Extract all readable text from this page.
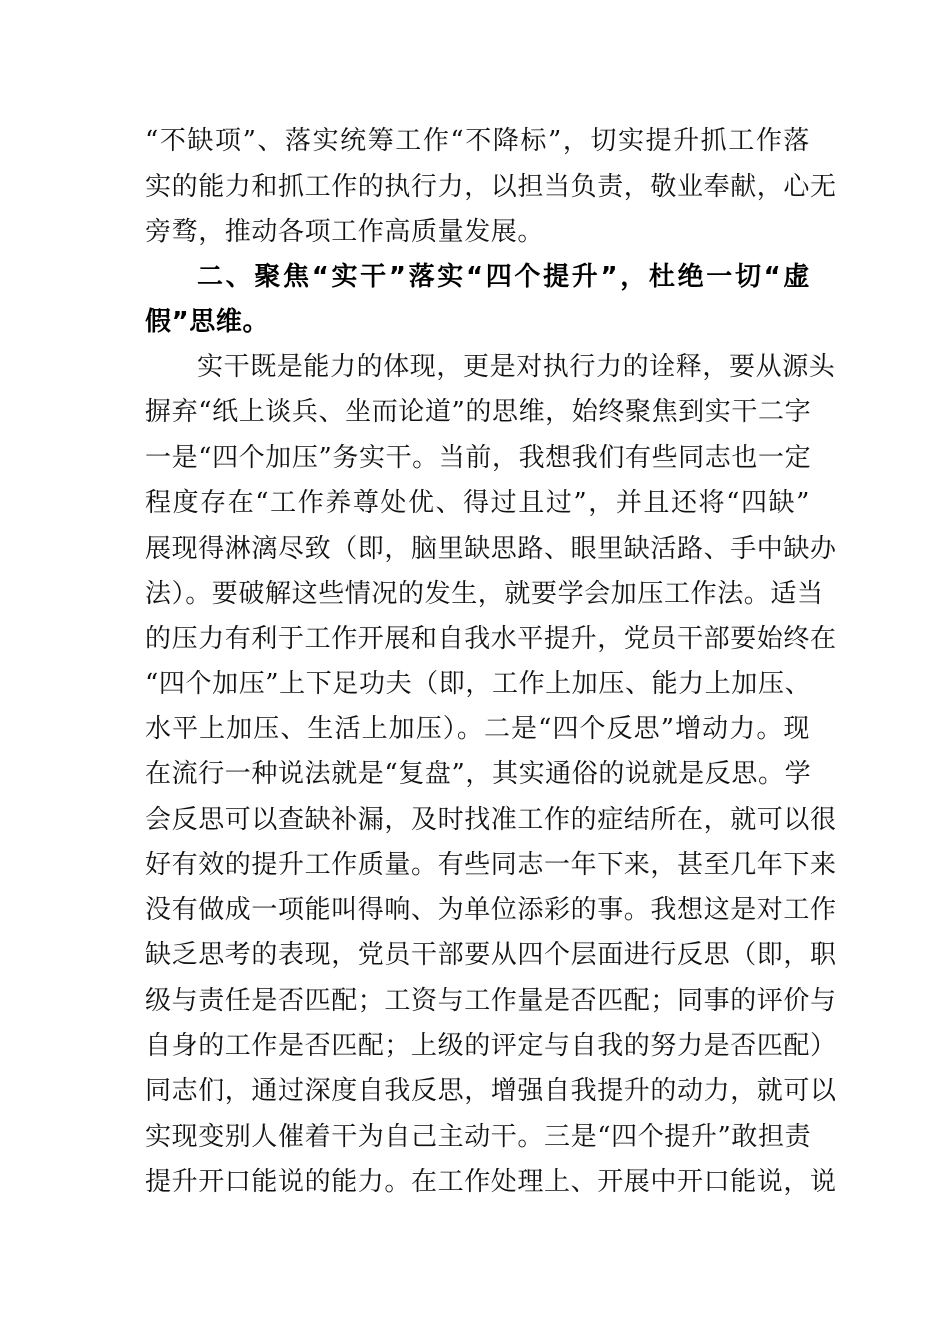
“不缺项”、落实统筹工作“不降标”，切实提升抓工作落
实的能力和抓工作的执行力，以担当负责，敬业奉献，心无
旁骛，推动各项工作高质量发展。
二、聚焦“实干”落实“四个提升”，杜绝一切“虚
假”思维。
实干既是能力的体现，更是对执行力的诠释，要从源头
摒弃“纸上谈兵、坐而论道”的思维，始终聚焦到实干二字
一是“四个加压”务实干。当前，我想我们有些同志也一定
程度存在“工作养尊处优、得过且过”，并且还将“四缺”
展现得淋漓尽致（即，脑里缺思路、眼里缺活路、手中缺办
法）。要破解这些情况的发生，就要学会加压工作法。适当
的压力有利于工作开展和自我水平提升，党员干部要始终在
“四个加压”上下足功夫（即，工作上加压、能力上加压、
水平上加压、生活上加压）。二是“四个反思”增动力。现
在流行一种说法就是“复盘”，其实通俗的说就是反思。学
会反思可以查缺补漏，及时找准工作的症结所在，就可以很
好有效的提升工作质量。有些同志一年下来，甚至几年下来
没有做成一项能叫得响、为单位添彩的事。我想这是对工作
缺乏思考的表现，党员干部要从四个层面进行反思（即，职
级与责任是否匹配；工资与工作量是否匹配；同事的评价与
自身的工作是否匹配；上级的评定与自我的努力是否匹配）
同志们，通过深度自我反思，增强自我提升的动力，就可以
实现变别人催着干为自己主动干。三是“四个提升”敢担责
提升开口能说的能力。在工作处理上、开展中开口能说，说
